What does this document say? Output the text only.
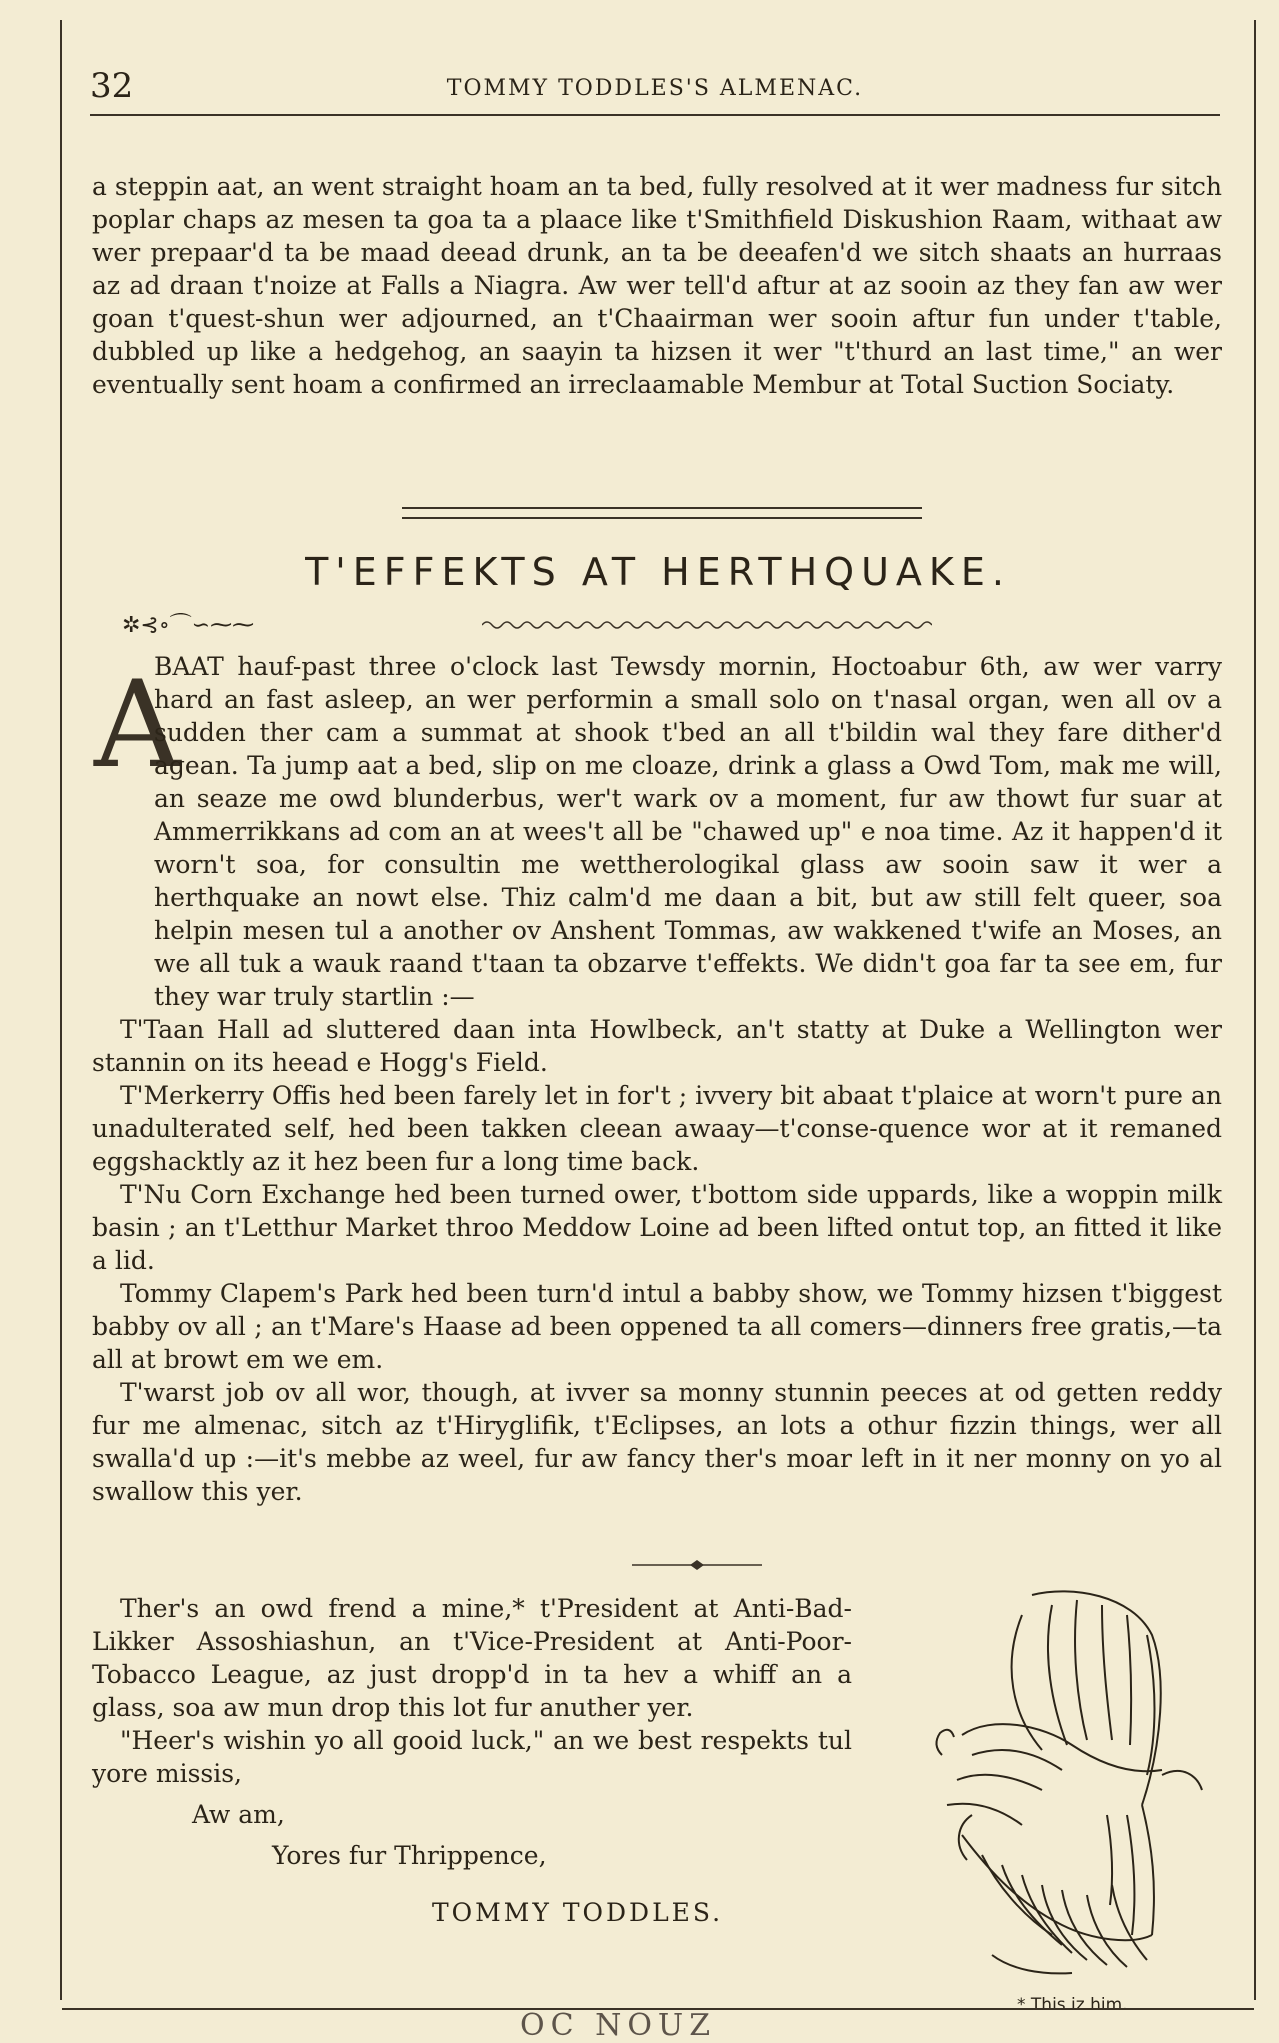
32	TOMMY TODDLES'S ALMENAC.

a steppin aat, an went straight hoam an ta bed, fully resolved at it wer madness fur sitch poplar chaps az mesen ta goa ta a plaace like t'Smithfield Diskushion Raam, withaat aw wer prepaar'd ta be maad deead drunk, an ta be deeafen'd we sitch shaats an hurraas az ad draan t'noize at Falls a Niagra. Aw wer tell'd aftur at az sooin az they fan aw wer goan t'quest-shun wer adjourned, an t'Chaairman wer sooin aftur fun under t'table, dubbled up like a hedgehog, an saayin ta hizsen it wer "t'thurd an last time," an wer eventually sent hoam a confirmed an irreclaamable Membur at Total Suction Sociaty.

T'EFFEKTS AT HERTHQUAKE.
✲⊰∘⌒∽⁓⁓
A

BAAT hauf-past three o'clock last Tewsdy mornin, Hoctoabur 6th, aw wer varry hard an fast asleep, an wer performin a small solo on t'nasal organ, wen all ov a sudden ther cam a summat at shook t'bed an all t'bildin wal they fare dither'd agean. Ta jump aat a bed, slip on me cloaze, drink a glass a Owd Tom, mak me will, an seaze me owd blunderbus, wer't wark ov a moment, fur aw thowt fur suar at Ammerrikkans ad com an at wees't all be "chawed up" e noa time. Az it happen'd it worn't soa, for consultin me wettherologikal glass aw sooin saw it wer a herthquake an nowt else. Thiz calm'd me daan a bit, but aw still felt queer, soa helpin mesen tul a another ov Anshent Tommas, aw wakkened t'wife an Moses, an we all tuk a wauk raand t'taan ta obzarve t'effekts. We didn't goa far ta see em, fur they war truly startlin :—

T'Taan Hall ad sluttered daan inta Howlbeck, an't statty at Duke a Wellington wer stannin on its heead e Hogg's Field.

T'Merkerry Offis hed been farely let in for't ; ivvery bit abaat t'plaice at worn't pure an unadulterated self, hed been takken cleean awaay—t'conse-quence wor at it remaned eggshacktly az it hez been fur a long time back.

T'Nu Corn Exchange hed been turned ower, t'bottom side uppards, like a woppin milk basin ; an t'Letthur Market throo Meddow Loine ad been lifted ontut top, an fitted it like a lid.

Tommy Clapem's Park hed been turn'd intul a babby show, we Tommy hizsen t'biggest babby ov all ; an t'Mare's Haase ad been oppened ta all comers—dinners free gratis,—ta all at browt em we em.

T'warst job ov all wor, though, at ivver sa monny stunnin peeces at od getten reddy fur me almenac, sitch az t'Hiryglifik, t'Eclipses, an lots a othur fizzin things, wer all swalla'd up :—it's mebbe az weel, fur aw fancy ther's moar left in it ner monny on yo al swallow this yer.

Ther's an owd frend a mine,* t'President at Anti-Bad-Likker Assoshiashun, an t'Vice-President at Anti-Poor-Tobacco League, az just dropp'd in ta hev a whiff an a glass, soa aw mun drop this lot fur anuther yer.

"Heer's wishin yo all gooid luck," an we best respekts tul yore missis,

Aw am,

Yores fur Thrippence,

TOMMY TODDLES.

* This iz him.
OC NOUZ
